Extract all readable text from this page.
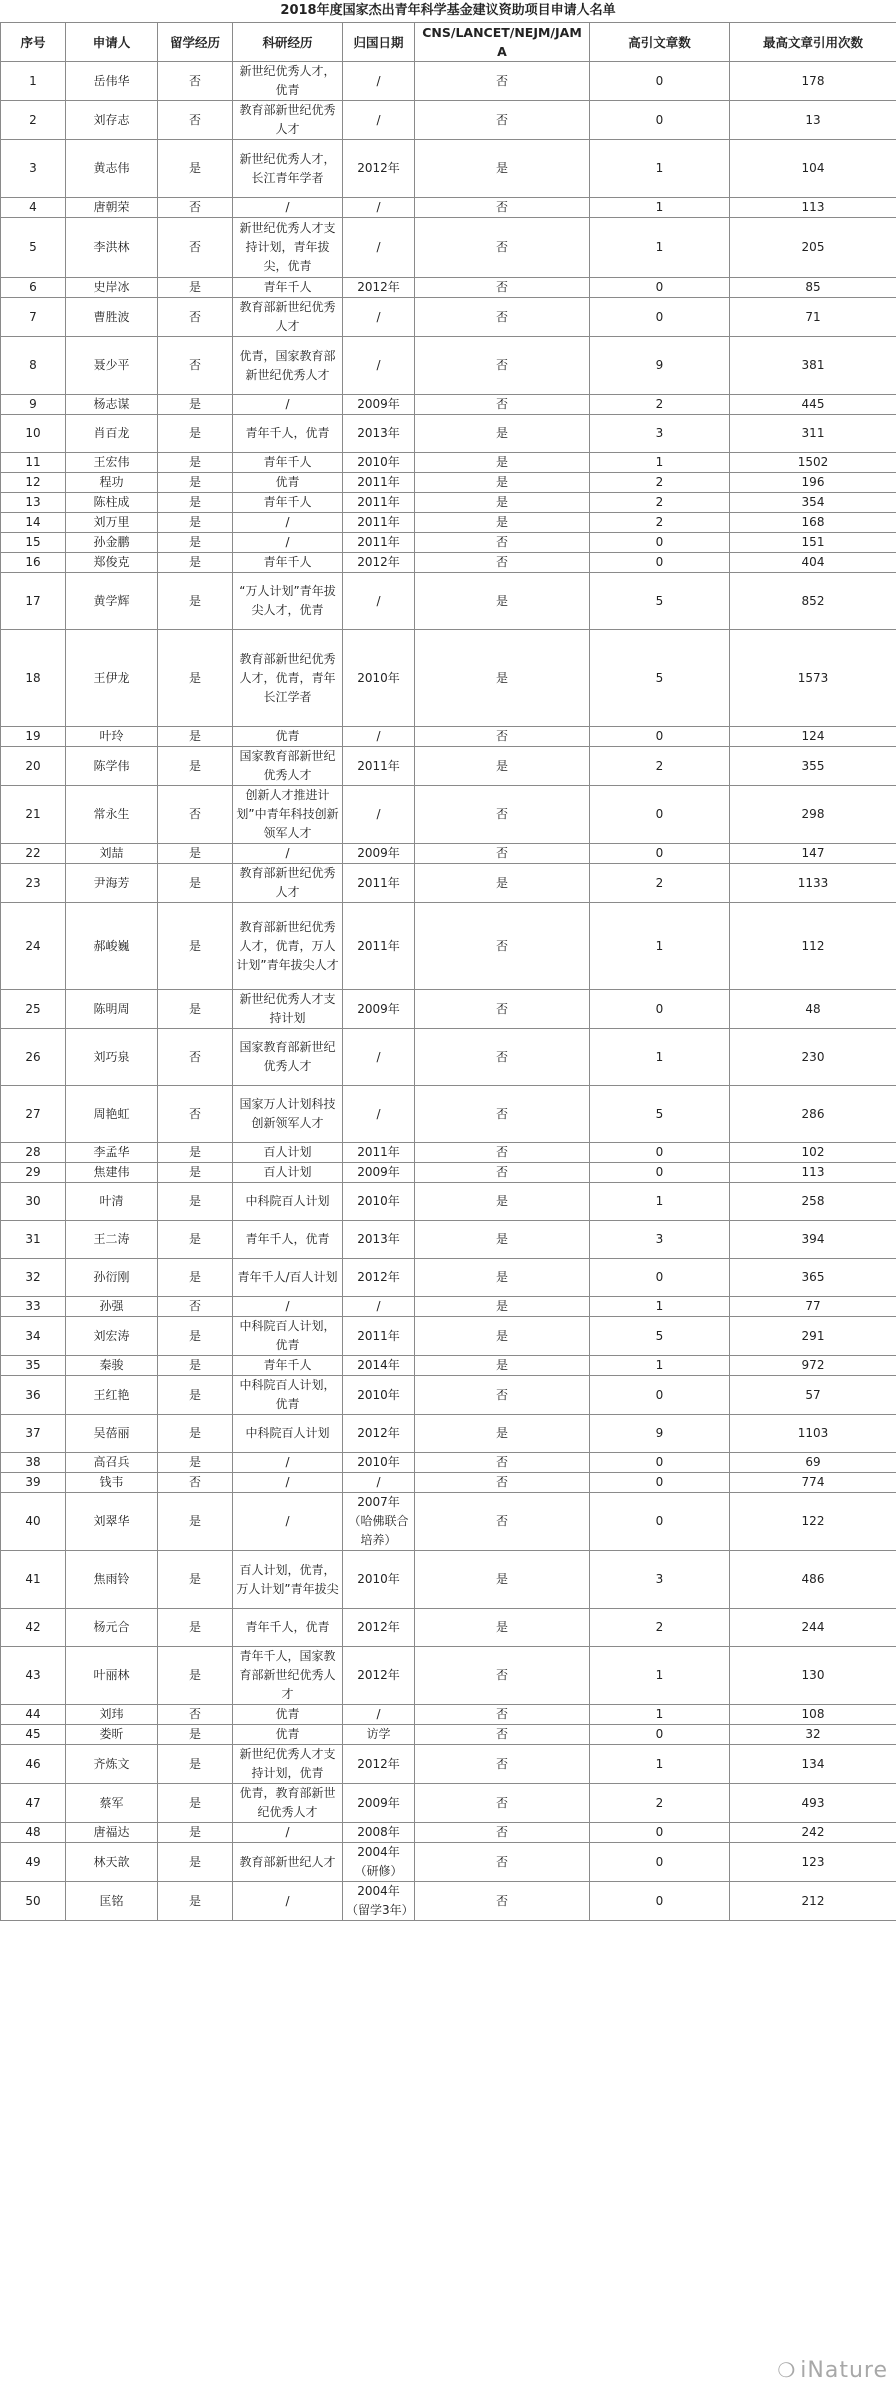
2018年度国家杰出青年科学基金建议资助项目申请人名单
序号	申请人	留学经历	科研经历	归国日期	CNS/LANCET/NEJM/JAMA	高引文章数	最高文章引用次数
1	岳伟华	否	新世纪优秀人才，优青	/	否	0	178
2	刘存志	否	教育部新世纪优秀人才	/	否	0	13
3	黄志伟	是	新世纪优秀人才，长江青年学者	2012年	是	1	104
4	唐朝荣	否	/	/	否	1	113
5	李洪林	否	新世纪优秀人才支持计划，青年拔尖，优青	/	否	1	205
6	史岸冰	是	青年千人	2012年	否	0	85
7	曹胜波	否	教育部新世纪优秀人才	/	否	0	71
8	聂少平	否	优青，国家教育部新世纪优秀人才	/	否	9	381
9	杨志谋	是	/	2009年	否	2	445
10	肖百龙	是	青年千人，优青	2013年	是	3	311
11	王宏伟	是	青年千人	2010年	是	1	1502
12	程功	是	优青	2011年	是	2	196
13	陈柱成	是	青年千人	2011年	是	2	354
14	刘万里	是	/	2011年	是	2	168
15	孙金鹏	是	/	2011年	否	0	151
16	郑俊克	是	青年千人	2012年	否	0	404
17	黄学辉	是	“万人计划”青年拔尖人才，优青	/	是	5	852
18	王伊龙	是	教育部新世纪优秀人才，优青，青年长江学者	2010年	是	5	1573
19	叶玲	是	优青	/	否	0	124
20	陈学伟	是	国家教育部新世纪优秀人才	2011年	是	2	355
21	常永生	否	创新人才推进计划”中青年科技创新领军人才	/	否	0	298
22	刘喆	是	/	2009年	否	0	147
23	尹海芳	是	教育部新世纪优秀人才	2011年	是	2	1133
24	郝峻巍	是	教育部新世纪优秀人才，优青，万人计划”青年拔尖人才	2011年	否	1	112
25	陈明周	是	新世纪优秀人才支持计划	2009年	否	0	48
26	刘巧泉	否	国家教育部新世纪优秀人才	/	否	1	230
27	周艳虹	否	国家万人计划科技创新领军人才	/	否	5	286
28	李孟华	是	百人计划	2011年	否	0	102
29	焦建伟	是	百人计划	2009年	否	0	113
30	叶清	是	中科院百人计划	2010年	是	1	258
31	王二涛	是	青年千人，优青	2013年	是	3	394
32	孙衍刚	是	青年千人/百人计划	2012年	是	0	365
33	孙强	否	/	/	是	1	77
34	刘宏涛	是	中科院百人计划，优青	2011年	是	5	291
35	秦骏	是	青年千人	2014年	是	1	972
36	王红艳	是	中科院百人计划，优青	2010年	否	0	57
37	吴蓓丽	是	中科院百人计划	2012年	是	9	1103
38	高召兵	是	/	2010年	否	0	69
39	钱韦	否	/	/	否	0	774
40	刘翠华	是	/	2007年（哈佛联合培养）	否	0	122
41	焦雨铃	是	百人计划，优青，万人计划”青年拔尖	2010年	是	3	486
42	杨元合	是	青年千人，优青	2012年	是	2	244
43	叶丽林	是	青年千人，国家教育部新世纪优秀人才	2012年	否	1	130
44	刘玮	否	优青	/	否	1	108
45	娄昕	是	优青	访学	否	0	32
46	齐炼文	是	新世纪优秀人才支持计划，优青	2012年	否	1	134
47	蔡军	是	优青，教育部新世纪优秀人才	2009年	否	2	493
48	唐福达	是	/	2008年	否	0	242
49	林天歆	是	教育部新世纪人才	2004年（研修）	否	0	123
50	匡铭	是	/	2004年（留学3年）	否	0	212
❍ iNature
